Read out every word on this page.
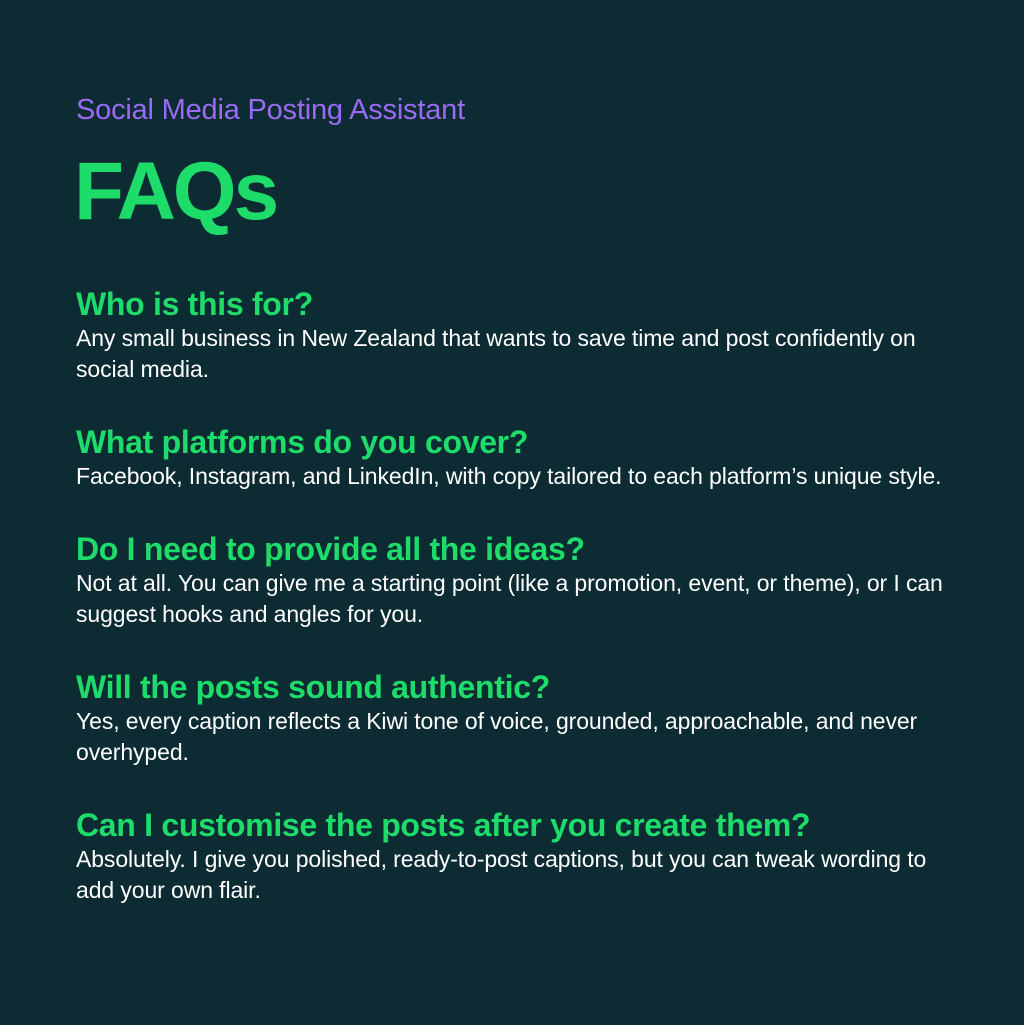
Social Media Posting Assistant
FAQs
Who is this for?

Any small business in New Zealand that wants to save time and post confidently on social media.

What platforms do you cover?

Facebook, Instagram, and LinkedIn, with copy tailored to each platform’s unique style.

Do I need to provide all the ideas?

Not at all. You can give me a starting point (like a promotion, event, or theme), or I can suggest hooks and angles for you.

Will the posts sound authentic?

Yes, every caption reflects a Kiwi tone of voice, grounded, approachable, and never overhyped.

Can I customise the posts after you create them?

Absolutely. I give you polished, ready-to-post captions, but you can tweak wording to add your own flair.
